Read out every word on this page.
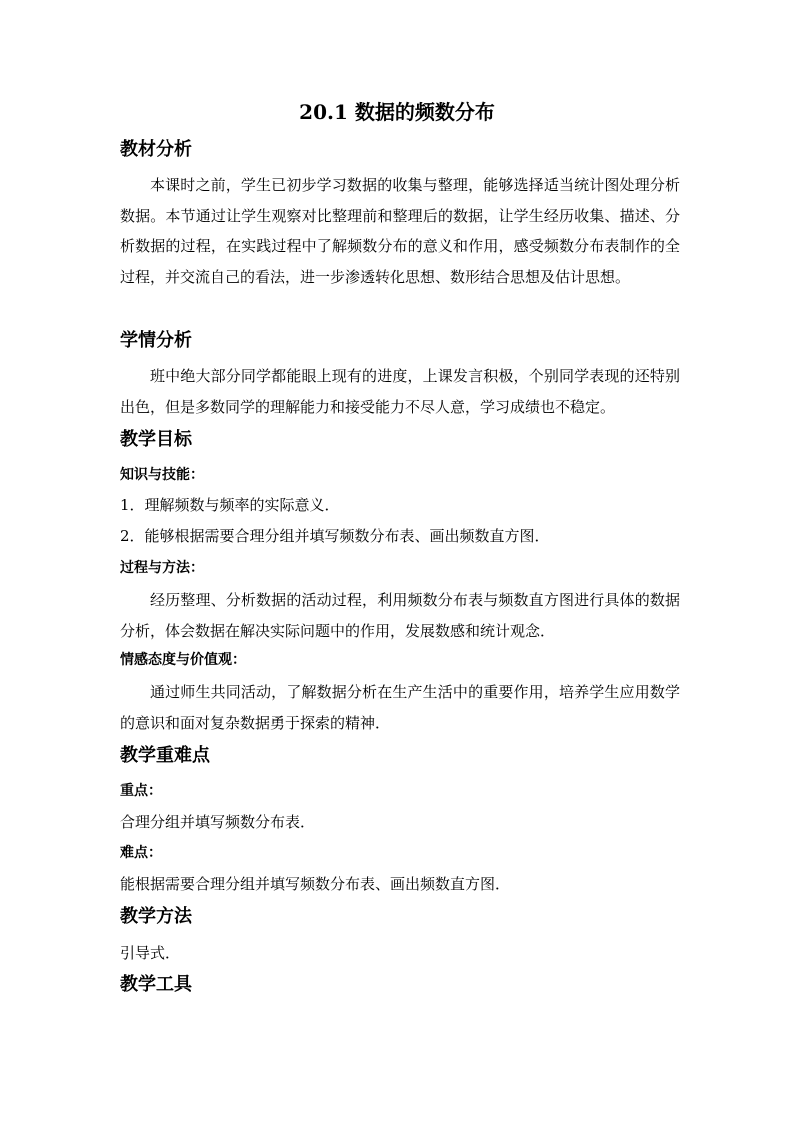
20.1 数据的频数分布
教材分析
本课时之前，学生已初步学习数据的收集与整理，能够选择适当统计图处理分析数据。本节通过让学生观察对比整理前和整理后的数据，让学生经历收集、描述、分析数据的过程，在实践过程中了解频数分布的意义和作用，感受频数分布表制作的全过程，并交流自己的看法，进一步渗透转化思想、数形结合思想及估计思想。
学情分析
班中绝大部分同学都能眼上现有的进度，上课发言积极，个别同学表现的还特别出色，但是多数同学的理解能力和接受能力不尽人意，学习成绩也不稳定。
教学目标
知识与技能：
1．理解频数与频率的实际意义．
2．能够根据需要合理分组并填写频数分布表、画出频数直方图．
过程与方法：
经历整理、分析数据的活动过程，利用频数分布表与频数直方图进行具体的数据分析，体会数据在解决实际问题中的作用，发展数感和统计观念．
情感态度与价值观：
通过师生共同活动，了解数据分析在生产生活中的重要作用，培养学生应用数学的意识和面对复杂数据勇于探索的精神．
教学重难点
重点：
合理分组并填写频数分布表．
难点：
能根据需要合理分组并填写频数分布表、画出频数直方图．
教学方法
引导式．
教学工具
